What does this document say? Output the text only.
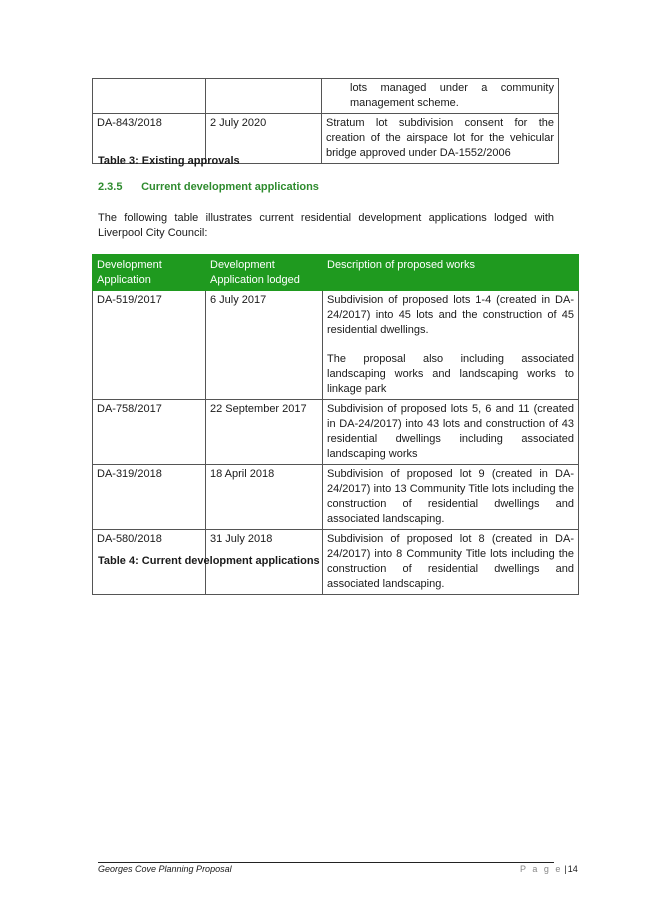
		lots managed under a community management scheme.
DA-843/2018	2 July 2020	Stratum lot subdivision consent for the creation of the airspace lot for the vehicular bridge approved under DA-1552/2006
Table 3: Existing approvals
2.3.5 Current development applications
The following table illustrates current residential development applications lodged with Liverpool City Council:
Development Application	Development Application lodged	Description of proposed works
DA-519/2017	6 July 2017	Subdivision of proposed lots 1-4 (created in DA-24/2017) into 45 lots and the construction of 45 residential dwellings.
The proposal also including associated landscaping works and landscaping works to linkage park

DA-758/2017	22 September 2017	Subdivision of proposed lots 5, 6 and 11 (created in DA-24/2017) into 43 lots and construction of 43 residential dwellings including associated landscaping works
DA-319/2018	18 April 2018	Subdivision of proposed lot 9 (created in DA-24/2017) into 13 Community Title lots including the construction of residential dwellings and associated landscaping.
DA-580/2018	31 July 2018	Subdivision of proposed lot 8 (created in DA-24/2017) into 8 Community Title lots including the construction of residential dwellings and associated landscaping.
Table 4: Current development applications
Georges Cove Planning Proposal	P a g e |14
